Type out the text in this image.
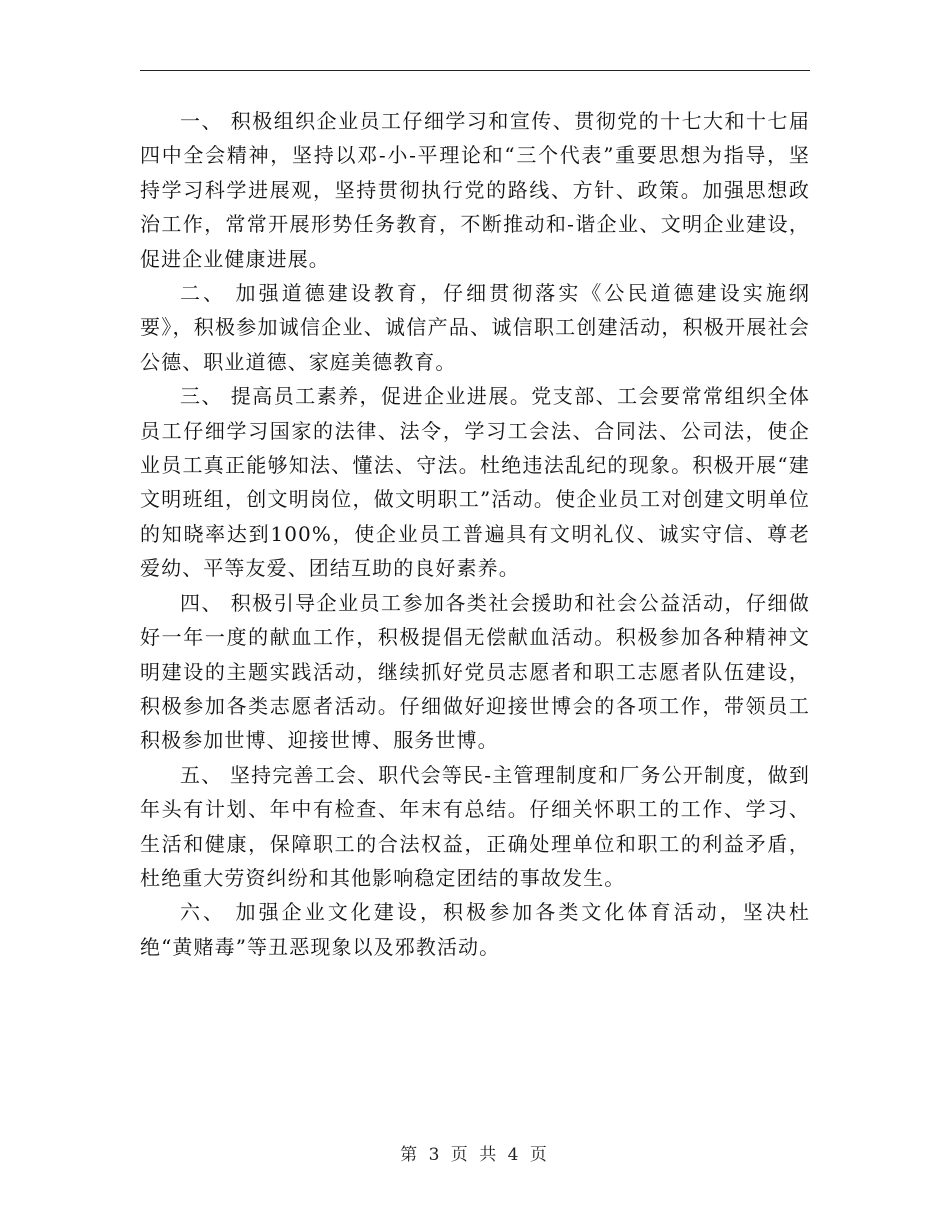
一、 积极组织企业员工仔细学习和宣传、贯彻党的十七大和十七届四中全会精神，坚持以邓-小-平理论和“三个代表”重要思想为指导，坚持学习科学进展观，坚持贯彻执行党的路线、方针、政策。加强思想政治工作，常常开展形势任务教育，不断推动和-谐企业、文明企业建设，促进企业健康进展。

二、 加强道德建设教育，仔细贯彻落实《公民道德建设实施纲要》，积极参加诚信企业、诚信产品、诚信职工创建活动，积极开展社会公德、职业道德、家庭美德教育。

三、 提高员工素养，促进企业进展。党支部、工会要常常组织全体员工仔细学习国家的法律、法令，学习工会法、合同法、公司法，使企业员工真正能够知法、懂法、守法。杜绝违法乱纪的现象。积极开展“建文明班组，创文明岗位，做文明职工”活动。使企业员工对创建文明单位的知晓率达到100%，使企业员工普遍具有文明礼仪、诚实守信、尊老爱幼、平等友爱、团结互助的良好素养。

四、 积极引导企业员工参加各类社会援助和社会公益活动，仔细做好一年一度的献血工作，积极提倡无偿献血活动。积极参加各种精神文明建设的主题实践活动，继续抓好党员志愿者和职工志愿者队伍建设，积极参加各类志愿者活动。仔细做好迎接世博会的各项工作，带领员工积极参加世博、迎接世博、服务世博。

五、 坚持完善工会、职代会等民-主管理制度和厂务公开制度，做到年头有计划、年中有检查、年末有总结。仔细关怀职工的工作、学习、生活和健康，保障职工的合法权益，正确处理单位和职工的利益矛盾，杜绝重大劳资纠纷和其他影响稳定团结的事故发生。

六、 加强企业文化建设，积极参加各类文化体育活动，坚决杜绝“黄赌毒”等丑恶现象以及邪教活动。

第 3 页 共 4 页
